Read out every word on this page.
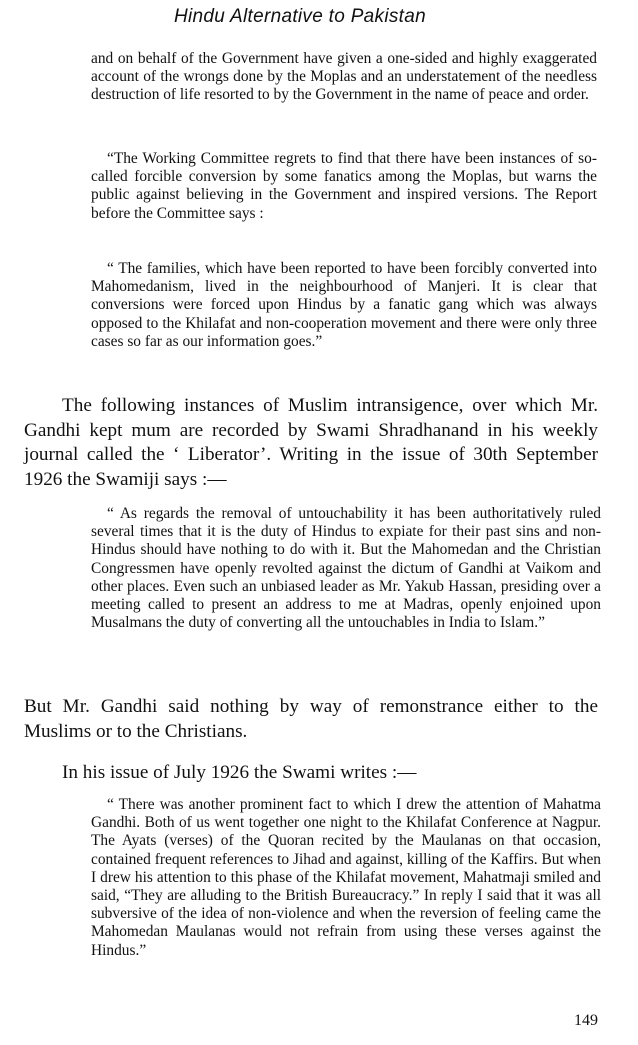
Hindu Alternative to Pakistan

and on behalf of the Government have given a one-sided and highly exaggerated account of the wrongs done by the Moplas and an understatement of the needless destruction of life resorted to by the Government in the name of peace and order.

“The Working Committee regrets to find that there have been instances of so-called forcible conversion by some fanatics among the Moplas, but warns the public against believing in the Government and inspired versions. The Report before the Committee says :

“ The families, which have been reported to have been forcibly converted into Mahomedanism, lived in the neighbourhood of Manjeri. It is clear that conversions were forced upon Hindus by a fanatic gang which was always opposed to the Khilafat and non-cooperation movement and there were only three cases so far as our information goes.”

The following instances of Muslim intransigence, over which Mr. Gandhi kept mum are recorded by Swami Shradhanand in his weekly journal called the ‘ Liberator’. Writing in the issue of 30th September 1926 the Swamiji says :—

“ As regards the removal of untouchability it has been authoritatively ruled several times that it is the duty of Hindus to expiate for their past sins and non-Hindus should have nothing to do with it. But the Mahomedan and the Christian Congressmen have openly revolted against the dictum of Gandhi at Vaikom and other places. Even such an unbiased leader as Mr. Yakub Hassan, presiding over a meeting called to present an address to me at Madras, openly enjoined upon Musalmans the duty of converting all the untouchables in India to Islam.”

But Mr. Gandhi said nothing by way of remonstrance either to the Muslims or to the Christians.

In his issue of July 1926 the Swami writes :—

“ There was another prominent fact to which I drew the attention of Mahatma Gandhi. Both of us went together one night to the Khilafat Conference at Nagpur. The Ayats (verses) of the Quoran recited by the Maulanas on that occasion, contained frequent references to Jihad and against, killing of the Kaffirs. But when I drew his attention to this phase of the Khilafat movement, Mahatmaji smiled and said, “They are alluding to the British Bureaucracy.” In reply I said that it was all subversive of the idea of non-violence and when the reversion of feeling came the Mahomedan Maulanas would not refrain from using these verses against the Hindus.”

149
